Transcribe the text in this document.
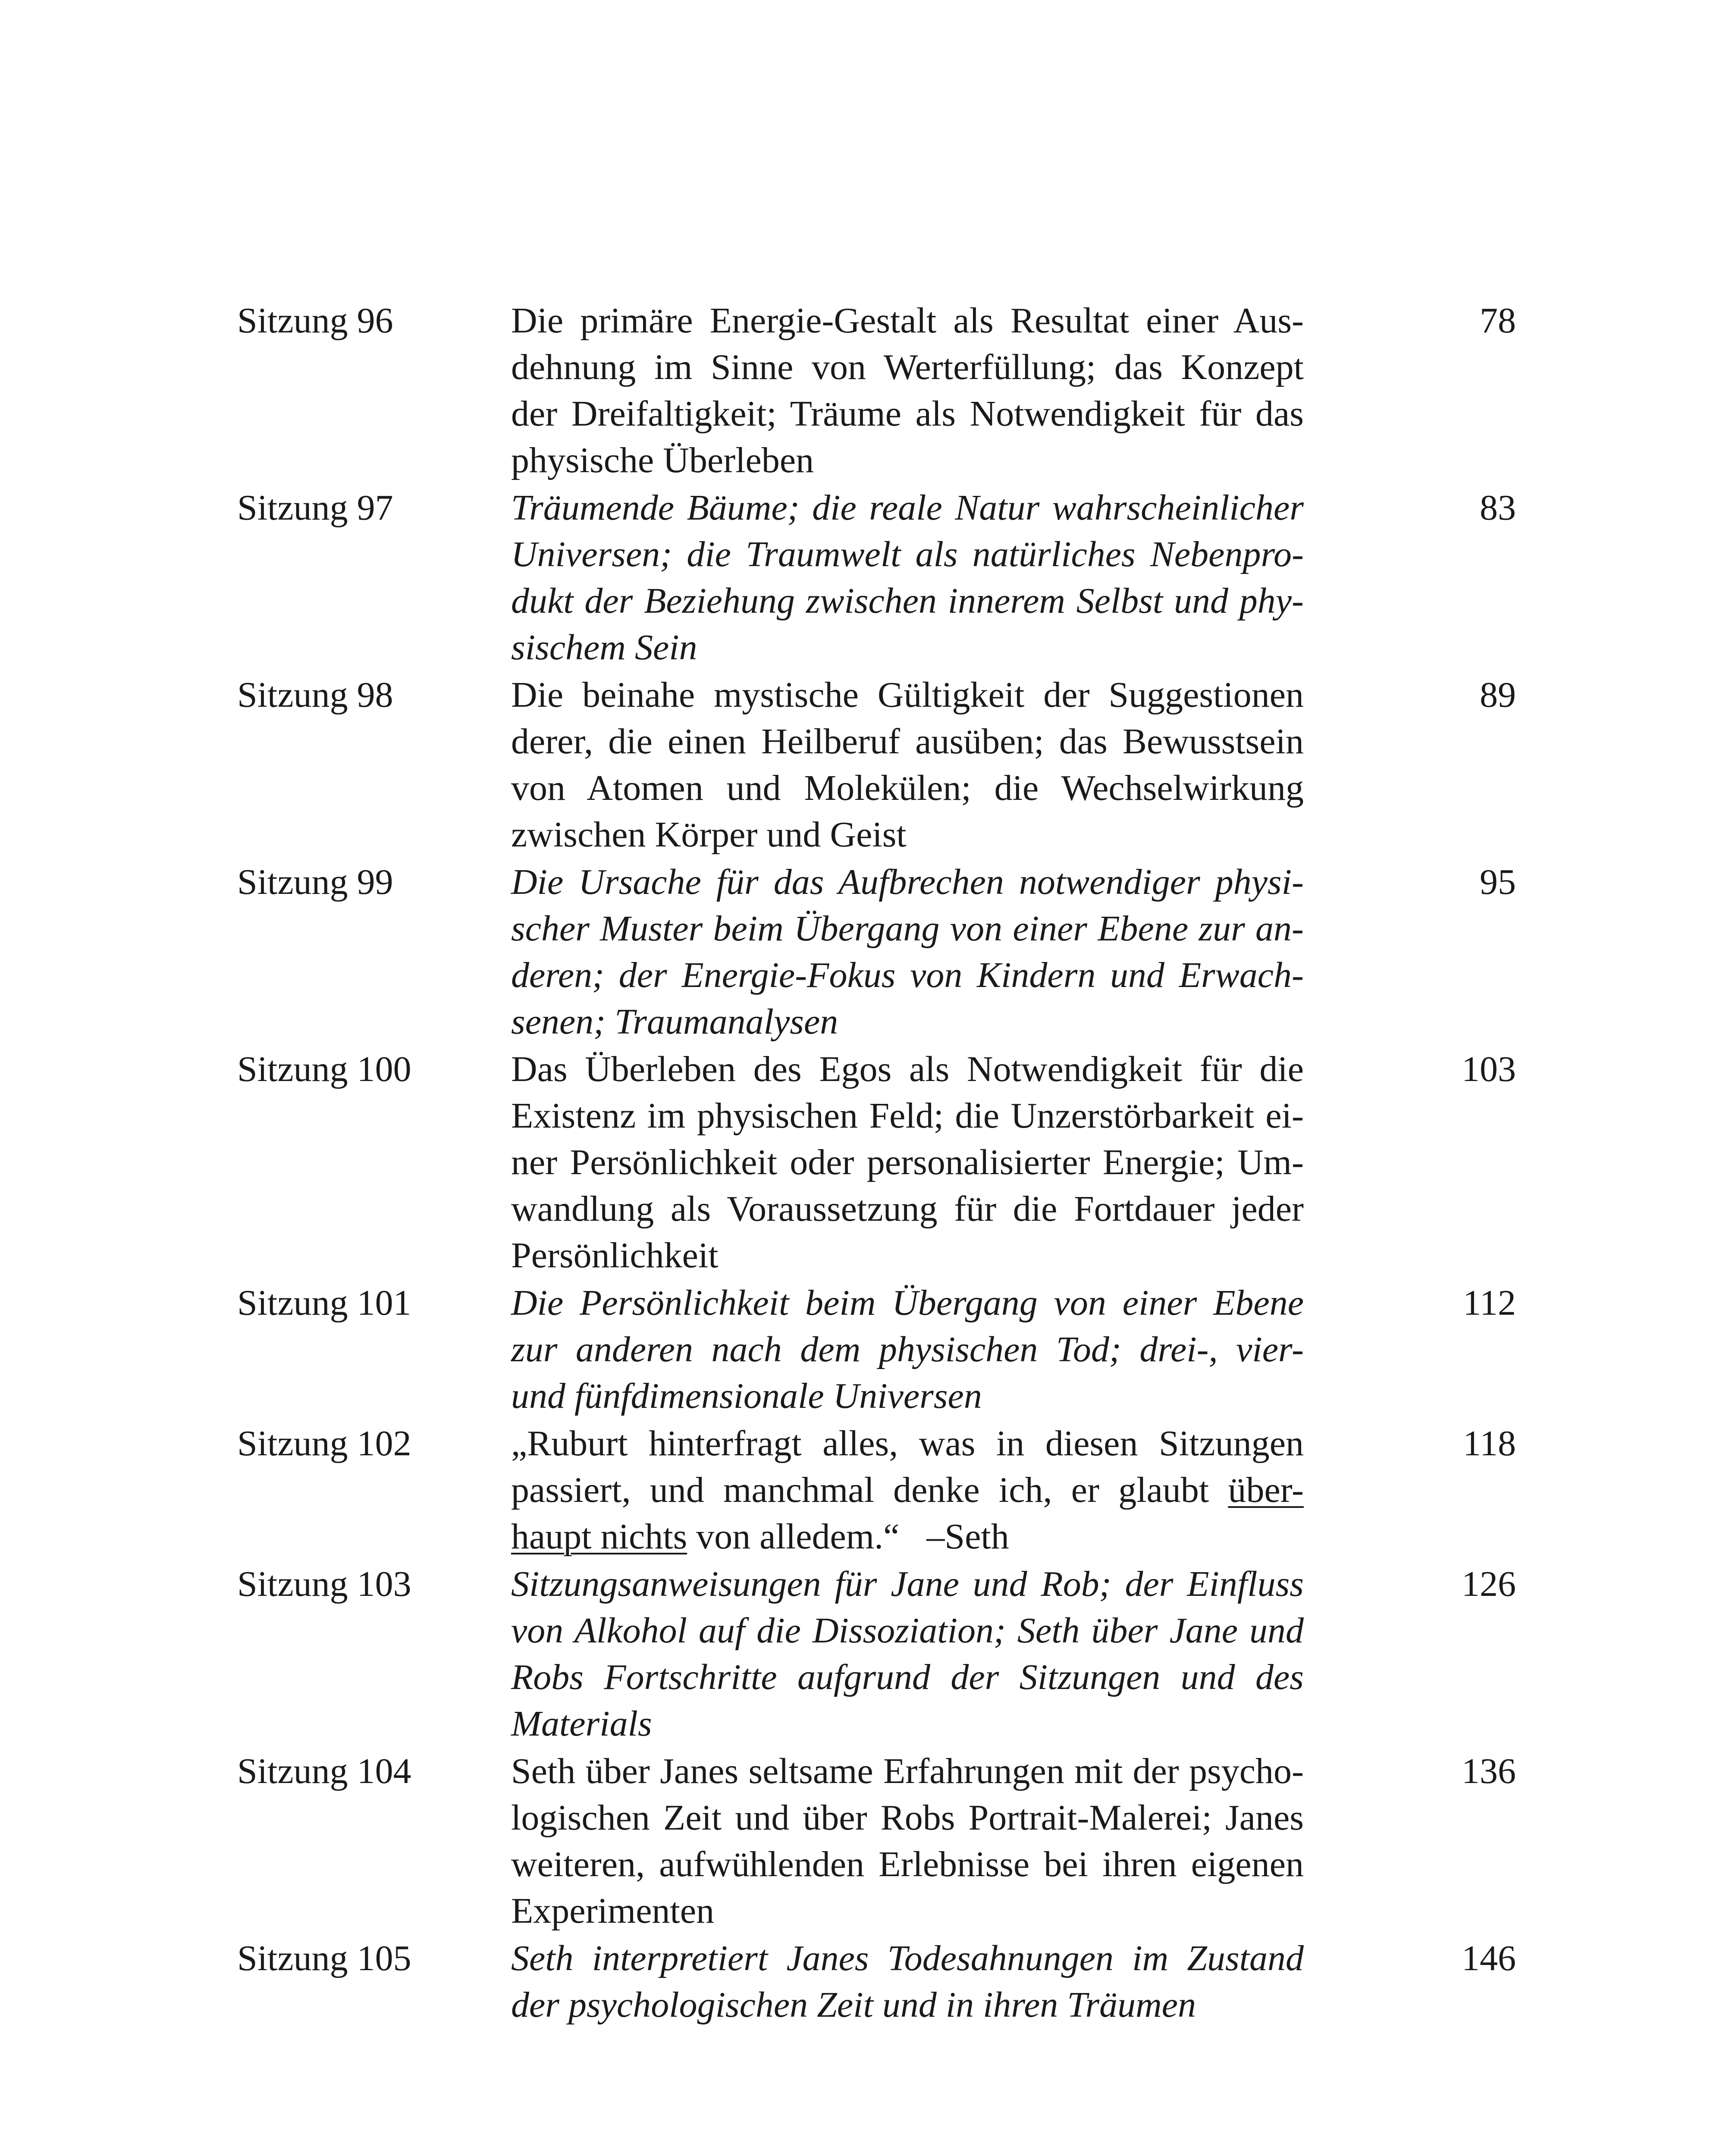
Sitzung 96	Die primäre Energie-Gestalt als Resultat einer Aus-
dehnung im Sinne von Werterfüllung; das Konzept
der Dreifaltigkeit; Träume als Notwendigkeit für das
physische Überleben
78
Sitzung 97	Träumende Bäume; die reale Natur wahrscheinlicher
Universen; die Traumwelt als natürliches Nebenpro-
dukt der Beziehung zwischen innerem Selbst und phy-
sischem Sein
83
Sitzung 98	Die beinahe mystische Gültigkeit der Suggestionen
derer, die einen Heilberuf ausüben; das Bewusstsein
von Atomen und Molekülen; die Wechselwirkung
zwischen Körper und Geist
89
Sitzung 99	Die Ursache für das Aufbrechen notwendiger physi-
scher Muster beim Übergang von einer Ebene zur an-
deren; der Energie-Fokus von Kindern und Erwach-
senen; Traumanalysen
95
Sitzung 100	Das Überleben des Egos als Notwendigkeit für die
Existenz im physischen Feld; die Unzerstörbarkeit ei-
ner Persönlichkeit oder personalisierter Energie; Um-
wandlung als Voraussetzung für die Fortdauer jeder
Persönlichkeit
103
Sitzung 101	Die Persönlichkeit beim Übergang von einer Ebene
zur anderen nach dem physischen Tod; drei-, vier-
und fünfdimensionale Universen
112
Sitzung 102	„Ruburt hinterfragt alles, was in diesen Sitzungen
passiert, und manchmal denke ich, er glaubt über-
haupt nichts von alledem.“   –Seth
118
Sitzung 103	Sitzungsanweisungen für Jane und Rob; der Einfluss
von Alkohol auf die Dissoziation; Seth über Jane und
Robs Fortschritte aufgrund der Sitzungen und des
Materials
126
Sitzung 104	Seth über Janes seltsame Erfahrungen mit der psycho-
logischen Zeit und über Robs Portrait-Malerei; Janes
weiteren, aufwühlenden Erlebnisse bei ihren eigenen
Experimenten
136
Sitzung 105	Seth interpretiert Janes Todesahnungen im Zustand
der psychologischen Zeit und in ihren Träumen
146
